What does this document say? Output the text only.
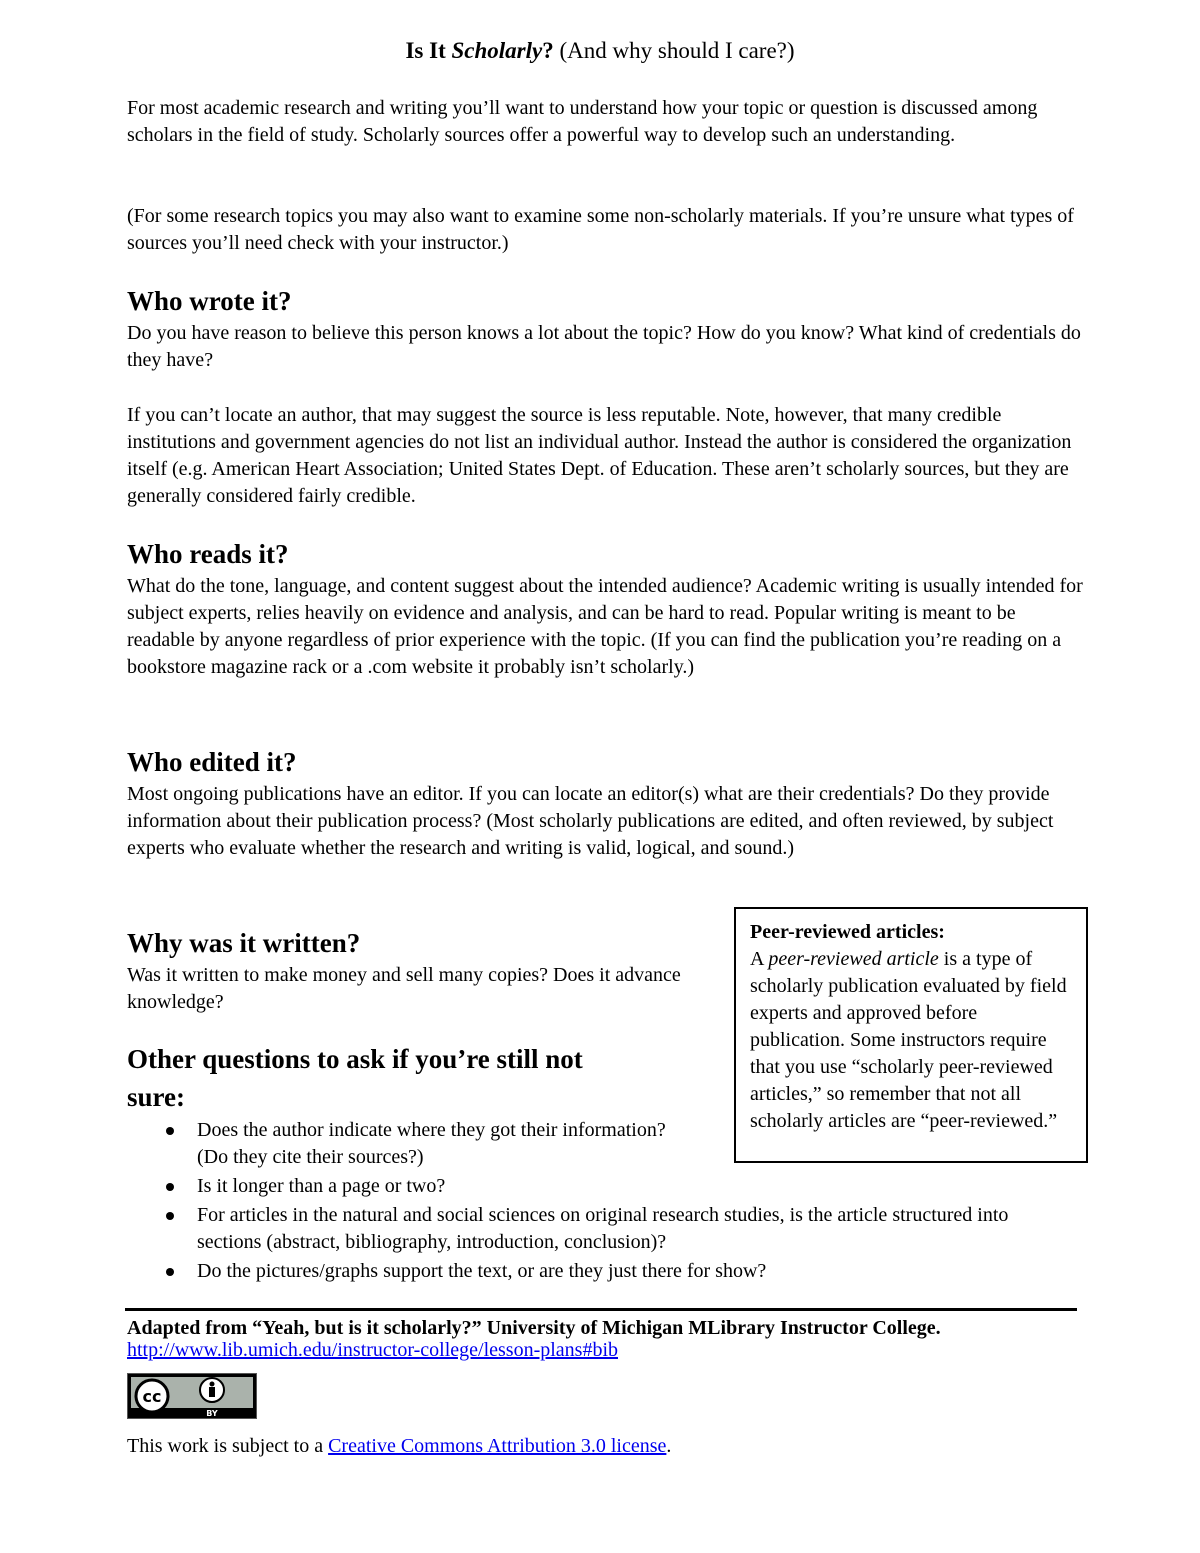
Is It Scholarly? (And why should I care?)
For most academic research and writing you’ll want to understand how your topic or question is discussed among scholars in the field of study. Scholarly sources offer a powerful way to develop such an understanding.
(For some research topics you may also want to examine some non-scholarly materials. If you’re unsure what types of sources you’ll need check with your instructor.)
Who wrote it?
Do you have reason to believe this person knows a lot about the topic? How do you know? What kind of credentials do they have?
If you can’t locate an author, that may suggest the source is less reputable. Note, however, that many credible institutions and government agencies do not list an individual author. Instead the author is considered the organization itself (e.g. American Heart Association; United States Dept. of Education. These aren’t scholarly sources, but they are generally considered fairly credible.
Who reads it?
What do the tone, language, and content suggest about the intended audience? Academic writing is usually intended for subject experts, relies heavily on evidence and analysis, and can be hard to read. Popular writing is meant to be readable by anyone regardless of prior experience with the topic. (If you can find the publication you’re reading on a bookstore magazine rack or a .com website it probably isn’t scholarly.)
Who edited it?
Most ongoing publications have an editor. If you can locate an editor(s) what are their credentials? Do they provide information about their publication process? (Most scholarly publications are edited, and often reviewed, by subject experts who evaluate whether the research and writing is valid, logical, and sound.)
Why was it written?
Was it written to make money and sell many copies? Does it advance knowledge?
Other questions to ask if you’re still not
sure:
Peer-reviewed articles:
A peer-reviewed article is a type of scholarly publication evaluated by field experts and approved before publication. Some instructors require that you use “scholarly peer-reviewed articles,” so remember that not all scholarly articles are “peer-reviewed.”
Does the author indicate where they got their information? (Do they cite their sources?)
Is it longer than a page or two?
For articles in the natural and social sciences on original research studies, is the article structured into sections (abstract, bibliography, introduction, conclusion)?
Do the pictures/graphs support the text, or are they just there for show?
Adapted from “Yeah, but is it scholarly?” University of Michigan MLibrary Instructor College.
http://www.lib.umich.edu/instructor-college/lesson-plans#bib
cc
BY
This work is subject to a Creative Commons Attribution 3.0 license.
